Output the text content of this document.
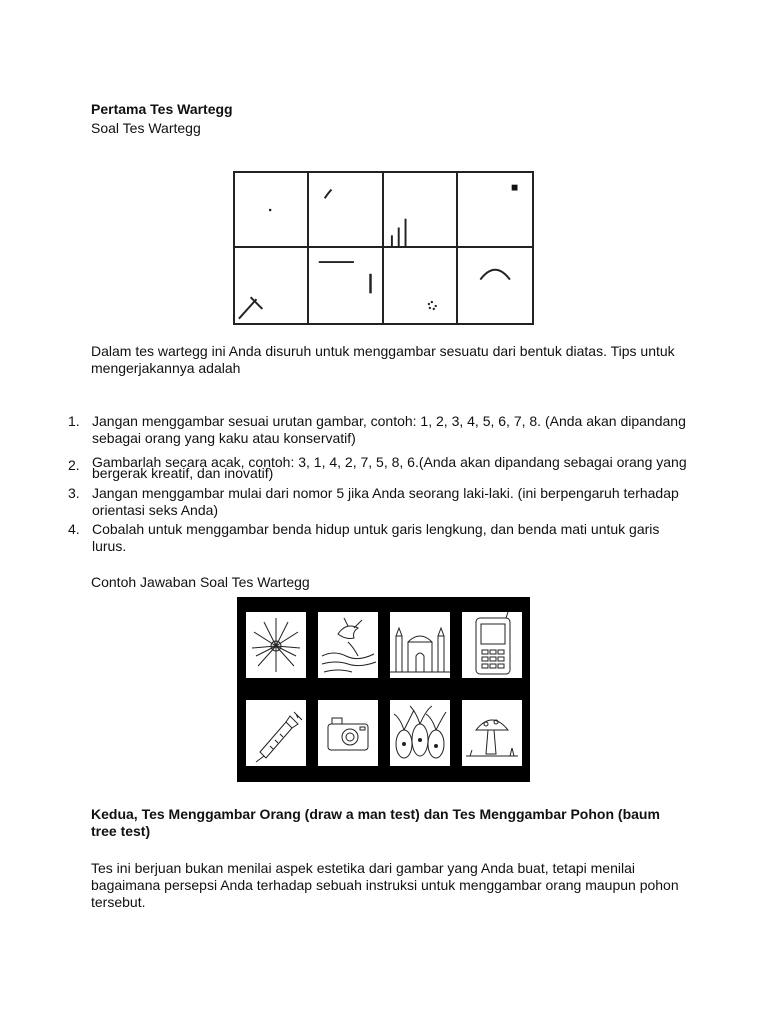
Pertama Tes Wartegg
Soal Tes Wartegg
Dalam tes wartegg ini Anda disuruh untuk menggambar sesuatu dari bentuk diatas. Tips untuk mengerjakannya adalah
1. Jangan menggambar sesuai urutan gambar, contoh: 1, 2, 3, 4, 5, 6, 7, 8. (Anda akan dipandang sebagai orang yang kaku atau konservatif)
2. Gambarlah secara acak, contoh: 3, 1, 4, 2, 7, 5, 8, 6.(Anda akan dipandang sebagai orang yang bergerak kreatif, dan inovatif)
3. Jangan menggambar mulai dari nomor 5 jika Anda seorang laki-laki. (ini berpengaruh terhadap orientasi seks Anda)
4. Cobalah untuk menggambar benda hidup untuk garis lengkung, dan benda mati untuk garis lurus.
Contoh Jawaban Soal Tes Wartegg
Kedua, Tes Menggambar Orang (draw a man test) dan Tes Menggambar Pohon (baum tree test)
Tes ini berjuan bukan menilai aspek estetika dari gambar yang Anda buat, tetapi menilai bagaimana persepsi Anda terhadap sebuah instruksi untuk menggambar orang maupun pohon tersebut.
